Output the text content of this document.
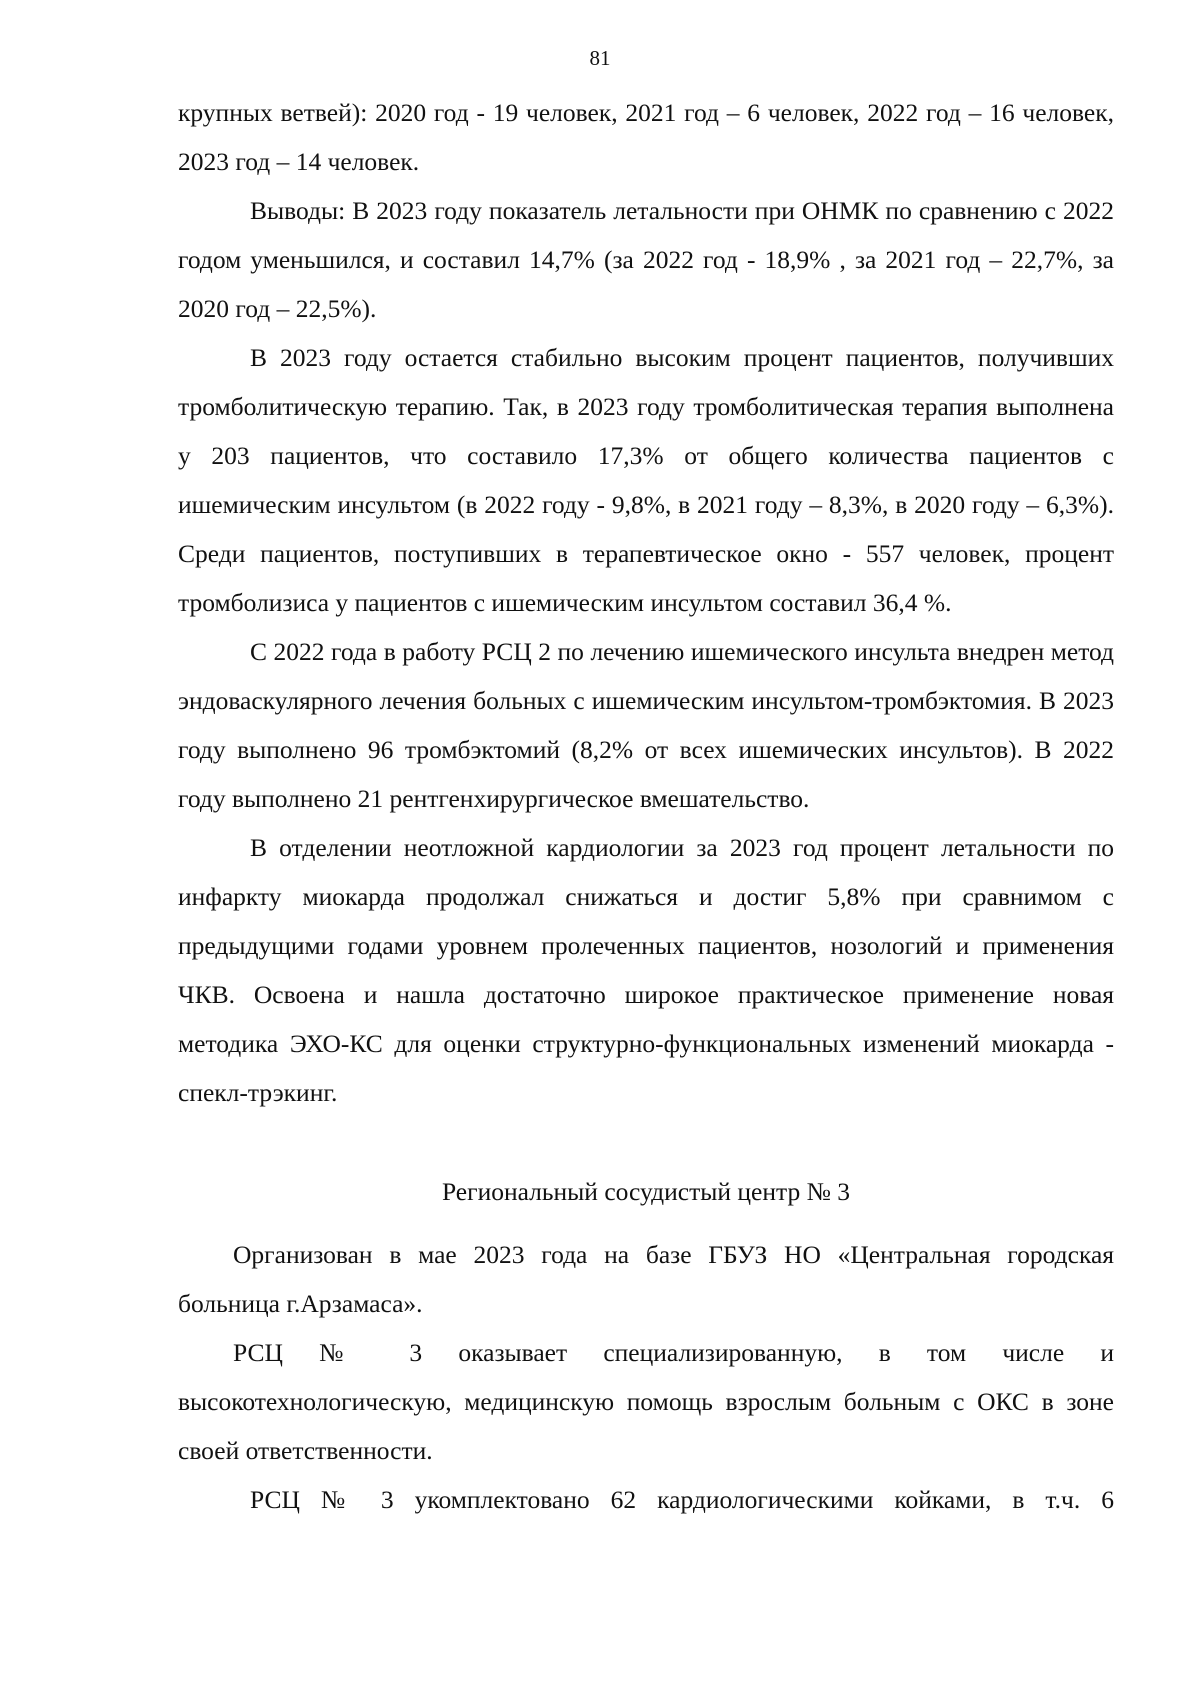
81

крупных ветвей): 2020 год - 19 человек, 2021 год – 6 человек, 2022 год – 16 человек, 2023 год – 14 человек.

Выводы: В 2023 году показатель летальности при ОНМК по сравнению с 2022 годом уменьшился, и составил 14,7% (за 2022 год - 18,9% , за 2021 год – 22,7%, за 2020 год – 22,5%).

В 2023 году остается стабильно высоким процент пациентов, получивших тромболитическую терапию. Так, в 2023 году тромболитическая терапия выполнена у 203 пациентов, что составило 17,3% от общего количества пациентов с ишемическим инсультом (в 2022 году - 9,8%, в 2021 году – 8,3%, в 2020 году – 6,3%). Среди пациентов, поступивших в терапевтическое окно - 557 человек, процент тромболизиса у пациентов с ишемическим инсультом составил 36,4 %.

С 2022 года в работу РСЦ 2 по лечению ишемического инсульта внедрен метод эндоваскулярного лечения больных с ишемическим инсультом-тромбэктомия. В 2023 году выполнено 96 тромбэктомий (8,2% от всех ишемических инсультов). В 2022 году выполнено 21 рентгенхирургическое вмешательство.

В отделении неотложной кардиологии за 2023 год процент летальности по инфаркту миокарда продолжал снижаться и достиг 5,8% при сравнимом с предыдущими годами уровнем пролеченных пациентов, нозологий и применения ЧКВ. Освоена и нашла достаточно широкое практическое применение новая методика ЭХО-КС для оценки структурно-функциональных изменений миокарда - спекл-трэкинг.

Региональный сосудистый центр № 3

Организован в мае 2023 года на базе ГБУЗ НО «Центральная городская больница г.Арзамаса».

РСЦ № 3 оказывает специализированную, в том числе и высокотехнологическую, медицинскую помощь взрослым больным с ОКС в зоне своей ответственности.

РСЦ № 3 укомплектовано 62 кардиологическими койками, в т.ч. 6
